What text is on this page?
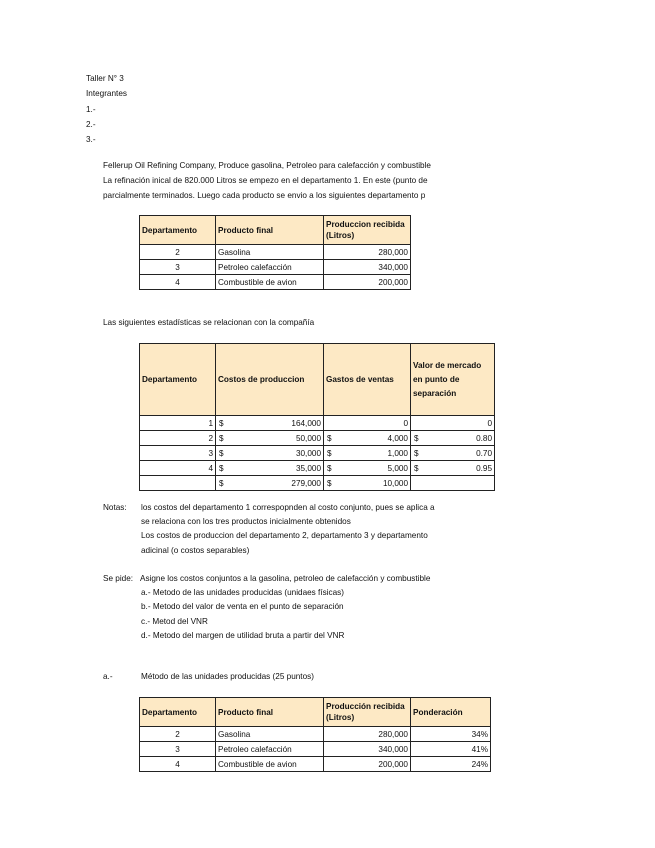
Taller N° 3
Integrantes
1.-
2.-
3.-
Fellerup Oil Refining Company, Produce gasolina, Petroleo para calefacción y combustible
La refinación inical de 820.000 Litros se empezo en el departamento 1. En este (punto de
parcialmente terminados. Luego cada producto se envio a los siguientes departamento p
Departamento	Producto final	Produccion recibida (Litros)
2	Gasolina	280,000
3	Petroleo calefacción	340,000
4	Combustible de avion	200,000
Las siguientes estadísticas se relacionan con la compañía
Departamento	Costos de produccion	Gastos de ventas	Valor de mercado en punto de separación
1	$ 164,000	0	0

2	$ 50,000	$ 4,000	$ 0.80

3	$ 30,000	$ 1,000	$ 0.70

4	$ 35,000	$ 5,000	$ 0.95

	$ 279,000	$ 10,000	

Notas: los costos del departamento 1 correspopnden al costo conjunto, pues se aplica a
se relaciona con los tres productos inicialmente obtenidos
Los costos de produccion del departamento 2, departamento 3 y departamento
adicinal (o costos separables)
Se pide: Asigne los costos conjuntos a la gasolina, petroleo de calefacción y combustible
a.- Metodo de las unidades producidas (unidaes físicas)
b.- Metodo del valor de venta en el punto de separación
c.- Metod del VNR
d.- Metodo del margen de utilidad bruta a partir del VNR
a.-	Método de las unidades producidas (25 puntos)
Departamento	Producto final	Producción recibida (Litros)	Ponderación
2	Gasolina	280,000	34%
3	Petroleo calefacción	340,000	41%
4	Combustible de avion	200,000	24%
